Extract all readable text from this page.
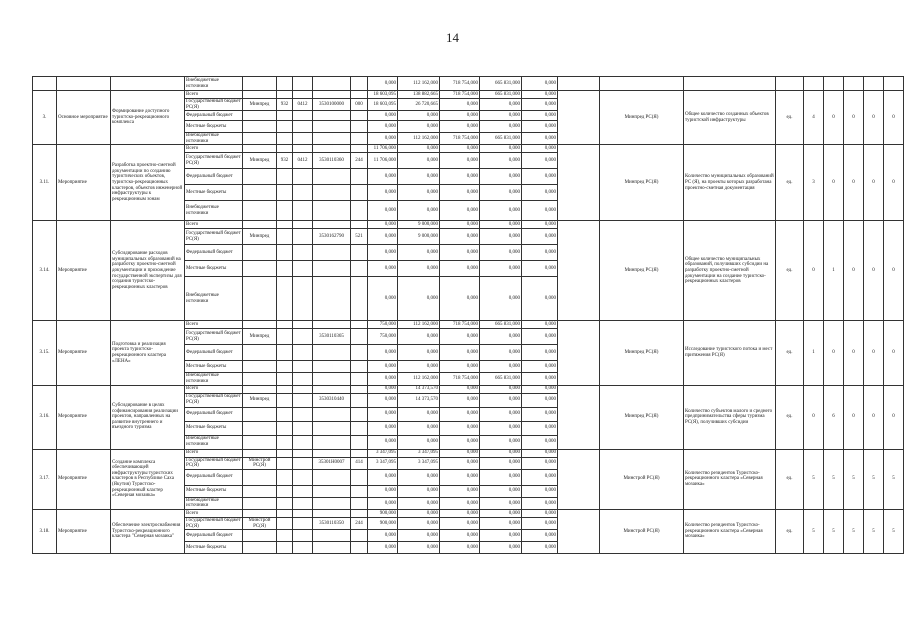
14
			Внебюджетные источники						0,000	112 162,000	718 754,000	665 831,000	0,000									
3.	Основное мероприятие	Формирование доступного туристско-рекреационного комплекса	Всего						18 603,095	138 882,665	718 754,000	665 831,000	0,000		Минпред РС(Я)	Общее количество созданных объектов туристской инфраструктуры	ед.	4	0	0	0	0
			Государственный бюджет РС(Я)	Минпред	932	0412	3530100000	000	18 603,095	26 720,665	0,000	0,000	0,000									
			Федеральный бюджет						0,000	0,000	0,000	0,000	0,000									
			Местные бюджеты						0,000	0,000	0,000	0,000	0,000									
			Внебюджетные источники						0,000	112 162,000	718 754,000	665 831,000	0,000									
3.11.	Мероприятие	Разработка проектно-сметной документации по созданию туристических объектов, туристско-рекреационных кластеров, объектов инженерной инфраструктуры к рекреационным зонам	Всего						11 706,000	0,000	0,000	0,000	0,000		Минпред РС(Я)	Количество муниципальных образований РС (Я), на проекты которых разработана проектно-сметная документация	ед.	3	0	0	0	0
			Государственный бюджет РС(Я)	Минпред	932	0412	3530110360	244	11 706,000	0,000	0,000	0,000	0,000									
			Федеральный бюджет						0,000	0,000	0,000	0,000	0,000									
			Местные бюджеты						0,000	0,000	0,000	0,000	0,000									
			Внебюджетные источники						0,000	0,000	0,000	0,000	0,000									
3.14.	Мероприятие	Субсидирование расходов муниципальных образований на разработку проектно-сметной документации и прохождение государственной экспертизы для создания туристско-рекреационных кластеров	Всего						0,000	9 000,000	0,000	0,000	0,000		Минпред РС(Я)	Общее количество муниципальных образований, получивших субсидии на разработку проектно-сметной документации на создание туристско-рекреационных кластеров	ед.	0	1	0	0	0
			Государственный бюджет РС(Я)	Минпред			3530162790	521	0,000	9 000,000	0,000	0,000	0,000									
			Федеральный бюджет						0,000	0,000	0,000	0,000	0,000									
			Местные бюджеты						0,000	0,000	0,000	0,000	0,000									
			Внебюджетные источники						0,000	0,000	0,000	0,000	0,000									
3.15.	Мероприятие	Подготовка и реализация проекта туристско-рекреационного кластера «ЛЕНА»	Всего						750,000	112 162,000	718 754,000	665 831,000	0,000		Минпред РС(Я)	Исследование туристского потока и мест притяжения РС(Я)	ед.	1	0	0	0	0
			Государственный бюджет РС(Я)	Минпред			3530110365		750,000	0,000	0,000	0,000	0,000									
			Федеральный бюджет						0,000	0,000	0,000	0,000	0,000									
			Местные бюджеты						0,000	0,000	0,000	0,000	0,000									
			Внебюджетные источники						0,000	112 162,000	718 754,000	665 831,000	0,000									
3.16.	Мероприятие	Субсидирование в целях софинансирования реализации проектов, направленных на развитие внутреннего и въездного туризма	Всего						0,000	14 373,570	0,000	0,000	0,000		Минпред РС(Я)	Количество субъектов малого и среднего предпринимательства сферы туризма РС(Я), получивших субсидии	ед.	0	6	0	0	0
			Государственный бюджет РС(Я)	Минпред			3530310440		0,000	14 373,570	0,000	0,000	0,000									
			Федеральный бюджет						0,000	0,000	0,000	0,000	0,000									
			Местные бюджеты						0,000	0,000	0,000	0,000	0,000									
			Внебюджетные источники						0,000	0,000	0,000	0,000	0,000									
3.17.	Мероприятие	Создание комплекса обеспечивающей инфраструктуры туристских кластеров в Республике Саха (Якутия) Туристско-рекреационный кластер «Северная мозаика»	Всего						3 347,095	3 347,095	0,000	0,000	0,000		Минстрой РС(Я)	Количество резидентов Туристско-рекреационного кластера «Северная мозаика»	ед.	5	5	5	5	5
			Государственный бюджет РС(Я)	Минстрой РС(Я)			35301Н0007	414	3 347,095	3 347,095	0,000	0,000	0,000									
			Федеральный бюджет						0,000	0,000	0,000	0,000	0,000									
			Местные бюджеты						0,000	0,000	0,000	0,000	0,000									
			Внебюджетные источники						0,000	0,000	0,000	0,000	0,000									
3.18.	Мероприятие	Обеспечение электроснабжения Туристско-рекреационного кластера "Северная мозаика"	Всего						900,000	0,000	0,000	0,000	0,000		Минстрой РС(Я)	Количество резидентов Туристско-рекреационного кластера «Северная мозаика»	ед.	5	5	5	5	5
			Государственный бюджет РС(Я)	Минстрой РС(Я)			3530110350	244	900,000	0,000	0,000	0,000	0,000									
			Федеральный бюджет						0,000	0,000	0,000	0,000	0,000									
			Местные бюджеты						0,000	0,000	0,000	0,000	0,000									
